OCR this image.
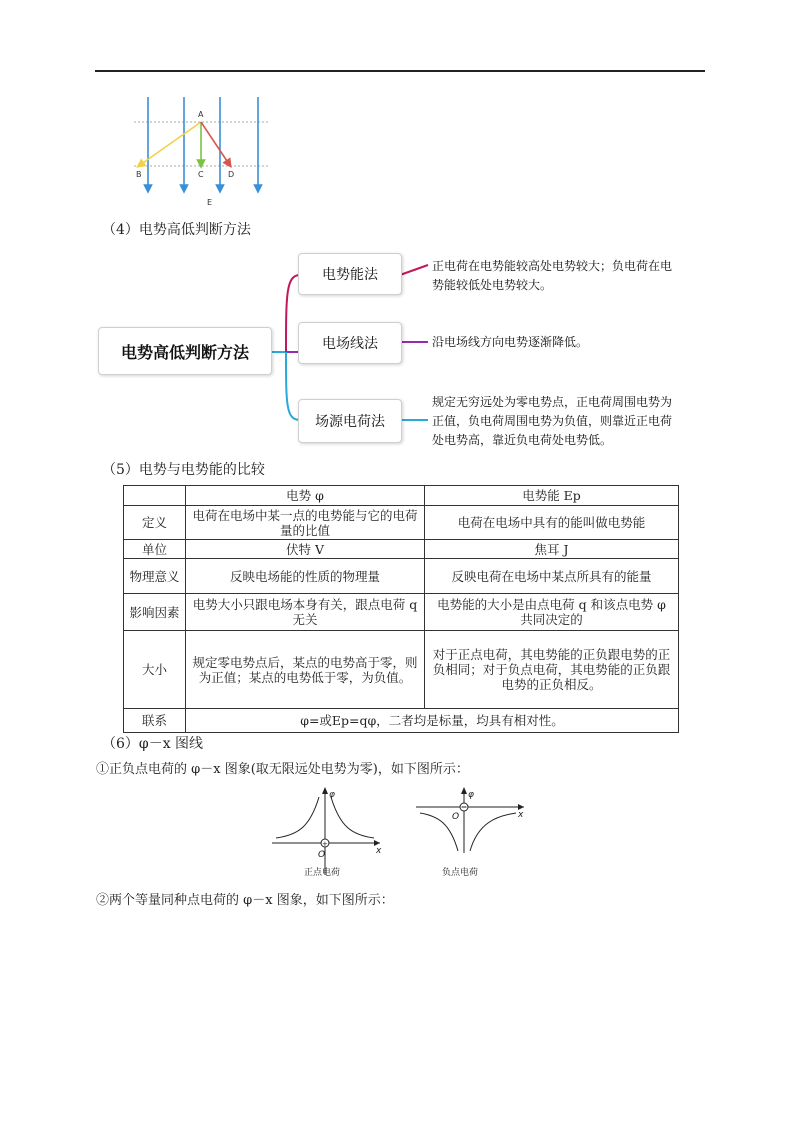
A
B	C	D
E
（4）电势高低判断方法
电势高低判断方法
电势能法
电场线法
场源电荷法
正电荷在电势能较高处电势较大；负电荷在电
势能较低处电势较大。
沿电场线方向电势逐渐降低。
规定无穷远处为零电势点，正电荷周围电势为
正值，负电荷周围电势为负值，则靠近正电荷
处电势高，靠近负电荷处电势低。
（5）电势与电势能的比较
	电势 φ	电势能 Ep
定义	电荷在电场中某一点的电势能与它的电荷量的比值	电荷在电场中具有的能叫做电势能
单位	伏特 V	焦耳 J
物理意义	反映电场能的性质的物理量	反映电荷在电场中某点所具有的能量
影响因素	电势大小只跟电场本身有关，跟点电荷 q 无关	电势能的大小是由点电荷 q 和该点电势 φ 共同决定的
大小	规定零电势点后，某点的电势高于零，则为正值；某点的电势低于零，为负值。	对于正点电荷，其电势能的正负跟电势的正负相同；对于负点电荷，其电势能的正负跟电势的正负相反。
联系	φ=或Ep=qφ，二者均是标量，均具有相对性。	
（6）φ－x 图线
①正负点电荷的 φ－x 图象(取无限远处电势为零)，如下图所示：
+
φ
x
O
正点电荷
φ
x
O
负点电荷
②两个等量同种点电荷的 φ－x 图象，如下图所示：
